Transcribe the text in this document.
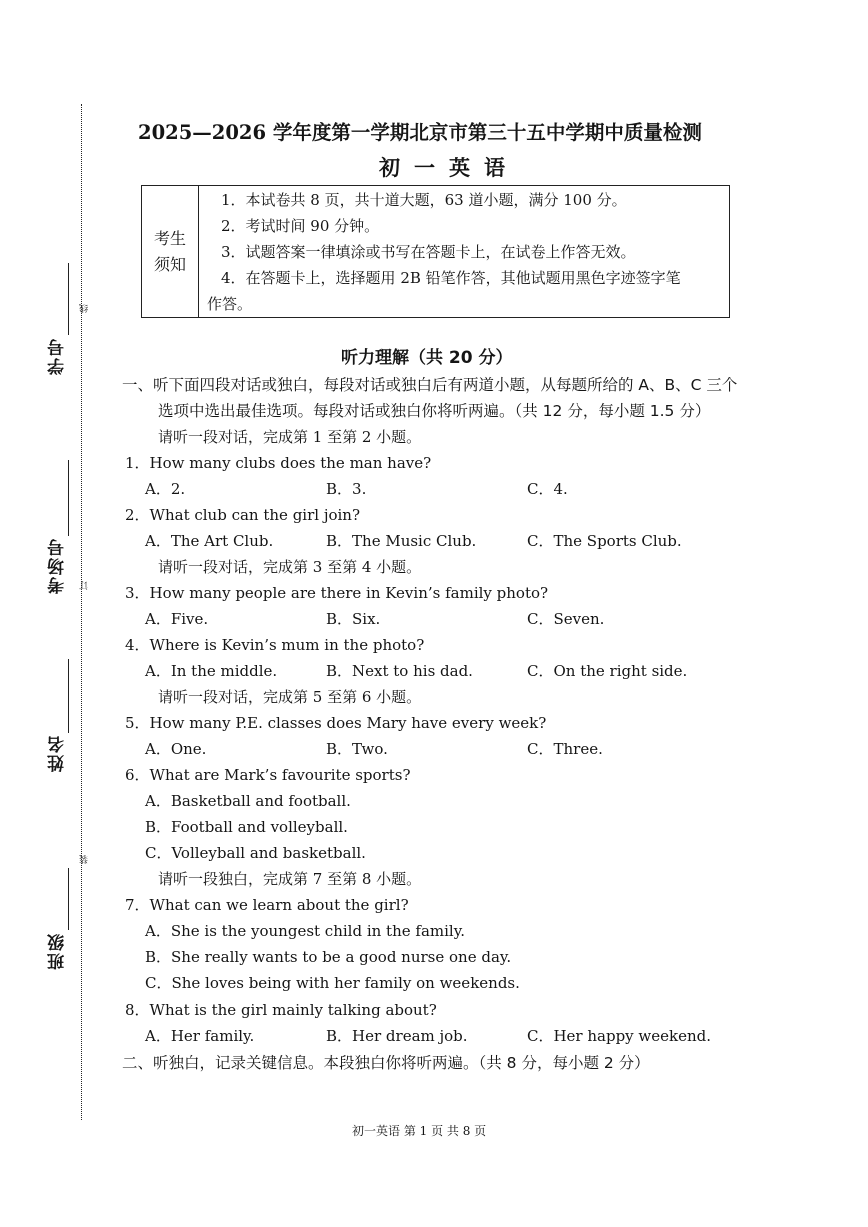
学号
考场号
姓名
班级
线
订
装
2025—2026 学年度第一学期北京市第三十五中学期中质量检测
初一英语
考生
须知

1．本试卷共 8 页，共十道大题，63 道小题，满分 100 分。
2．考试时间 90 分钟。
3．试题答案一律填涂或书写在答题卡上，在试卷上作答无效。
4．在答题卡上，选择题用 2B 铅笔作答，其他试题用黑色字迹签字笔
作答。
听力理解（共 20 分）
一、听下面四段对话或独白，每段对话或独白后有两道小题，从每题所给的 A、B、C 三个
选项中选出最佳选项。每段对话或独白你将听两遍。（共 12 分，每小题 1.5 分）
请听一段对话，完成第 1 至第 2 小题。
1．How many clubs does the man have?
A．2.	B．3.	C．4.
2．What club can the girl join?
A．The Art Club.	B．The Music Club.	C．The Sports Club.
请听一段对话，完成第 3 至第 4 小题。
3．How many people are there in Kevin’s family photo?
A．Five.	B．Six.	C．Seven.
4．Where is Kevin’s mum in the photo?
A．In the middle.	B．Next to his dad.	C．On the right side.
请听一段对话，完成第 5 至第 6 小题。
5．How many P.E. classes does Mary have every week?
A．One.	B．Two.	C．Three.
6．What are Mark’s favourite sports?
A．Basketball and football.
B．Football and volleyball.
C．Volleyball and basketball.
请听一段独白，完成第 7 至第 8 小题。
7．What can we learn about the girl?
A．She is the youngest child in the family.
B．She really wants to be a good nurse one day.
C．She loves being with her family on weekends.
8．What is the girl mainly talking about?
A．Her family.	B．Her dream job.	C．Her happy weekend.
二、听独白，记录关键信息。本段独白你将听两遍。（共 8 分，每小题 2 分）
初一英语 第 1 页 共 8 页
